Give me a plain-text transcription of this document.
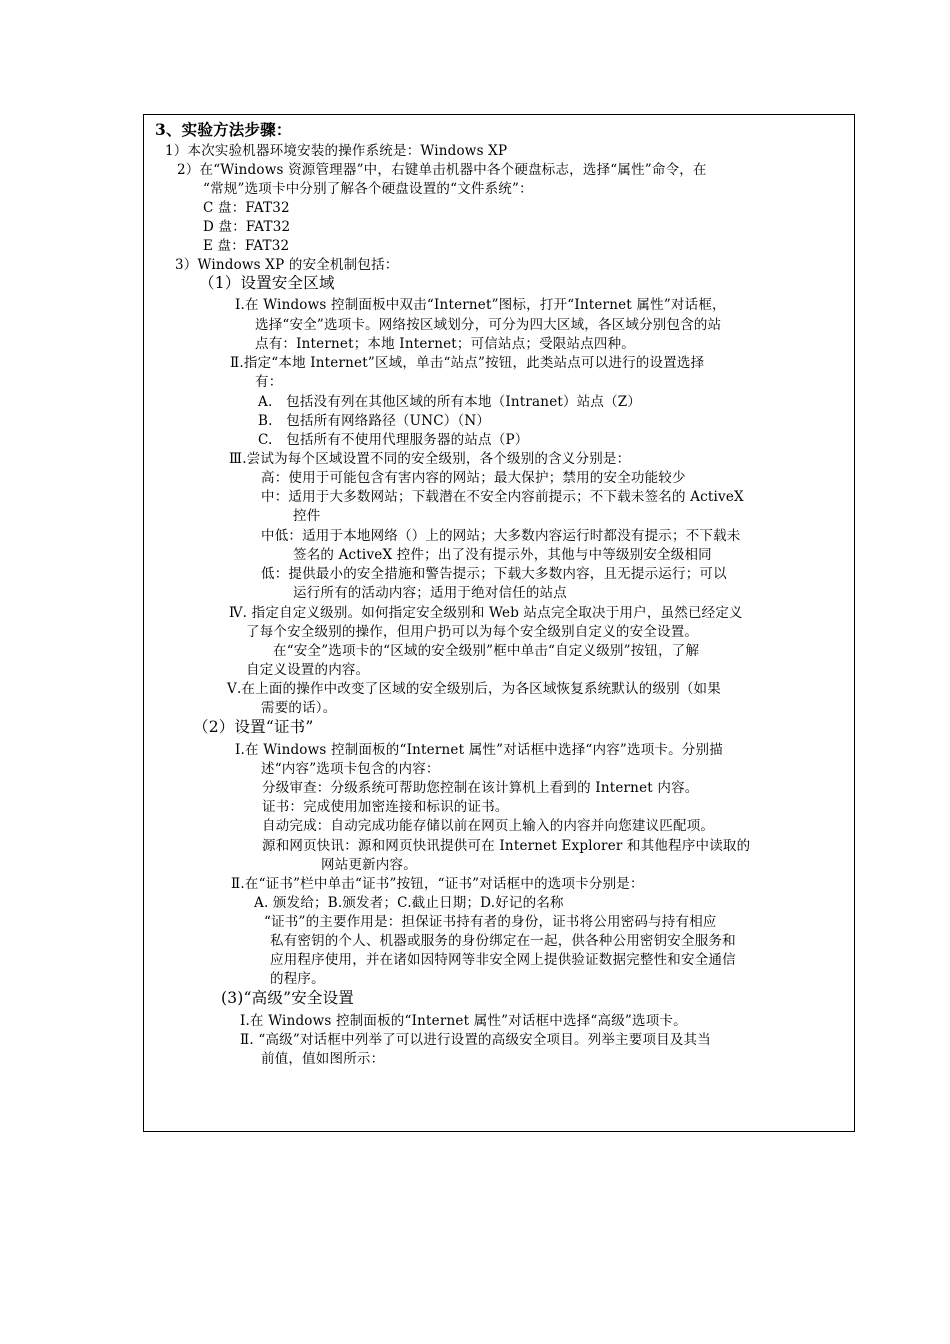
3、实验方法步骤：
1）本次实验机器环境安装的操作系统是：Windows XP
2）在“Windows 资源管理器”中，右键单击机器中各个硬盘标志，选择“属性”命令，在
“常规”选项卡中分别了解各个硬盘设置的“文件系统”：
C 盘：FAT32
D 盘：FAT32
E 盘：FAT32
3）Windows XP 的安全机制包括：
（1）设置安全区域
Ⅰ.在 Windows 控制面板中双击“Internet”图标，打开“Internet 属性”对话框，
选择“安全”选项卡。网络按区域划分，可分为四大区域，各区域分别包含的站
点有：Internet；本地 Internet；可信站点；受限站点四种。
Ⅱ.指定“本地 Internet”区域，单击“站点”按钮，此类站点可以进行的设置选择
有：
A.　包括没有列在其他区域的所有本地（Intranet）站点（Z）
B.　包括所有网络路径（UNC）（N）
C.　包括所有不使用代理服务器的站点（P）
Ⅲ.尝试为每个区域设置不同的安全级别，各个级别的含义分别是：
高：使用于可能包含有害内容的网站；最大保护；禁用的安全功能较少
中：适用于大多数网站；下载潜在不安全内容前提示；不下载未签名的 ActiveX
控件
中低：适用于本地网络（）上的网站；大多数内容运行时都没有提示；不下载未
签名的 ActiveX 控件；出了没有提示外，其他与中等级别安全级相同
低：提供最小的安全措施和警告提示；下载大多数内容，且无提示运行；可以
运行所有的活动内容；适用于绝对信任的站点
Ⅳ. 指定自定义级别。如何指定安全级别和 Web 站点完全取决于用户，虽然已经定义
了每个安全级别的操作，但用户扔可以为每个安全级别自定义的安全设置。
在“安全”选项卡的“区域的安全级别”框中单击“自定义级别”按钮，了解
自定义设置的内容。
Ⅴ.在上面的操作中改变了区域的安全级别后，为各区域恢复系统默认的级别（如果
需要的话）。
（2）设置“证书”
Ⅰ.在 Windows 控制面板的“Internet 属性”对话框中选择“内容”选项卡。分别描
述“内容”选项卡包含的内容：
分级审查：分级系统可帮助您控制在该计算机上看到的 Internet 内容。
证书：完成使用加密连接和标识的证书。
自动完成：自动完成功能存储以前在网页上输入的内容并向您建议匹配项。
源和网页快讯：源和网页快讯提供可在 Internet Explorer 和其他程序中读取的
网站更新内容。
Ⅱ.在“证书”栏中单击“证书”按钮，“证书”对话框中的选项卡分别是：
A. 颁发给；B.颁发者；C.截止日期；D.好记的名称
“证书”的主要作用是：担保证书持有者的身份，证书将公用密码与持有相应
私有密钥的个人、机器或服务的身份绑定在一起，供各种公用密钥安全服务和
应用程序使用，并在诸如因特网等非安全网上提供验证数据完整性和安全通信
的程序。
(3)“高级”安全设置
Ⅰ.在 Windows 控制面板的“Internet 属性”对话框中选择“高级”选项卡。
Ⅱ. “高级”对话框中列举了可以进行设置的高级安全项目。列举主要项目及其当
前值，值如图所示：
